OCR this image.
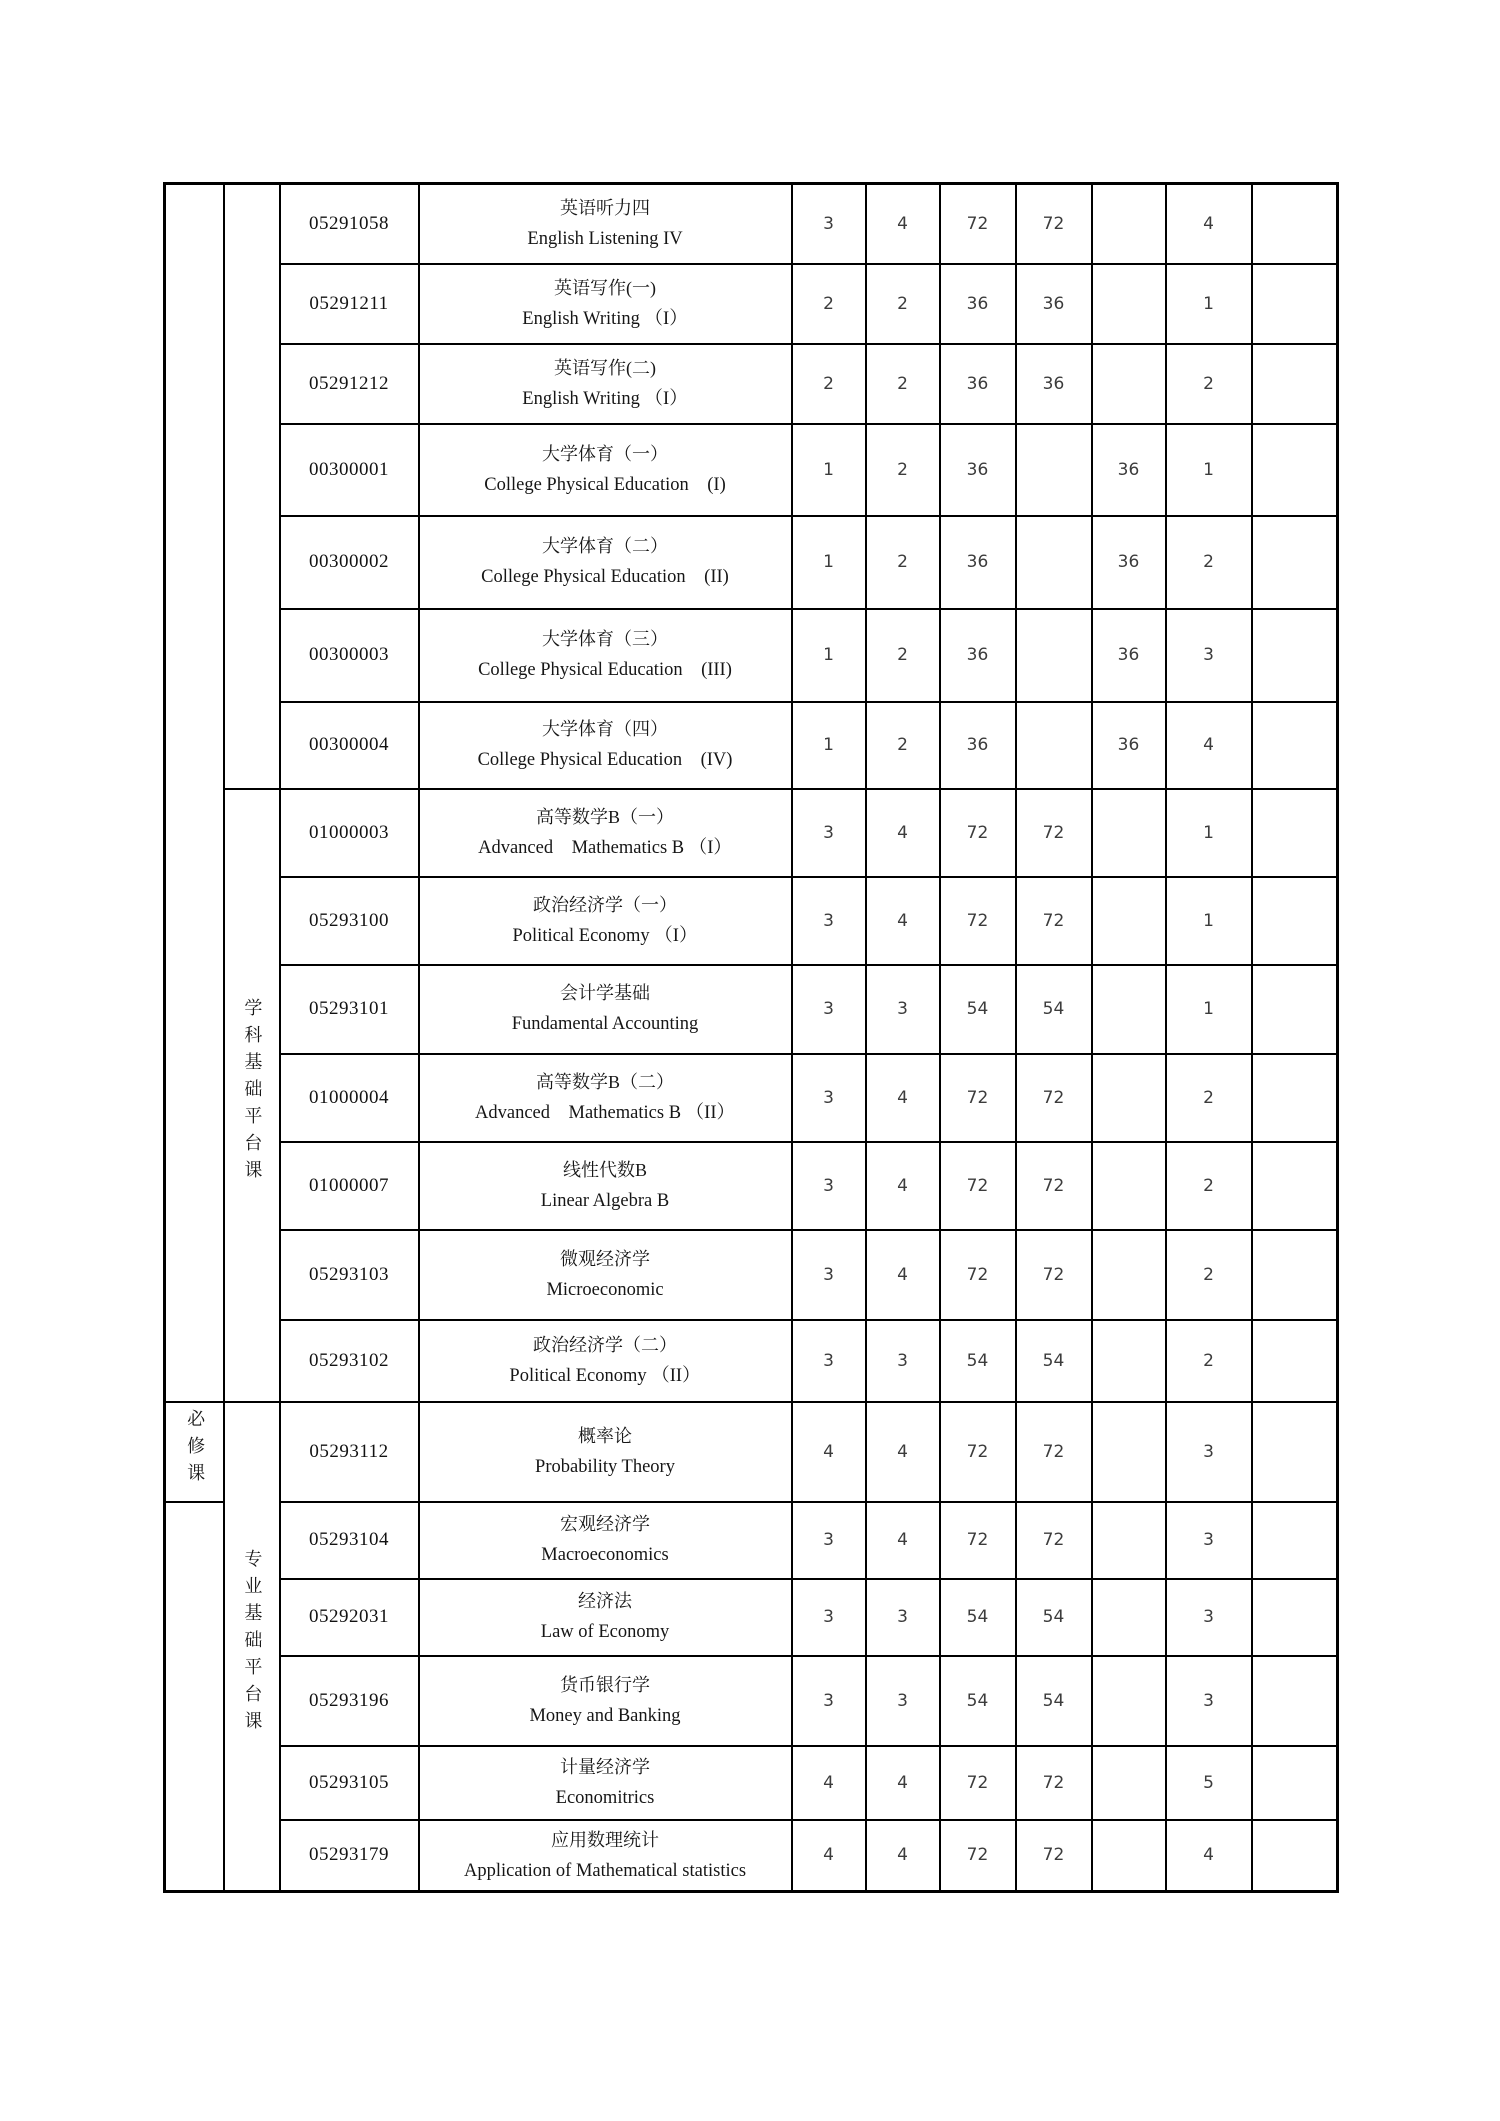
		05291058	英语听力四
English Listening IV	3	4	72	72		4	
		05291211	英语写作(一)
English Writing （I）	2	2	36	36		1	
		05291212	英语写作(二)
English Writing （I）	2	2	36	36		2	
		00300001	大学体育（一）
College Physical Education    (I)	1	2	36		36	1	
		00300002	大学体育（二）
College Physical Education    (II)	1	2	36		36	2	
		00300003	大学体育（三）
College Physical Education    (III)	1	2	36		36	3	
		00300004	大学体育（四）
College Physical Education    (IV)	1	2	36		36	4	
	学科基础平台课	01000003	高等数学B（一）
Advanced    Mathematics B （I）	3	4	72	72		1	
		05293100	政治经济学（一）
Political Economy （I）	3	4	72	72		1	
		05293101	会计学基础
Fundamental Accounting	3	3	54	54		1	
		01000004	高等数学B（二）
Advanced    Mathematics B （II）	3	4	72	72		2	
		01000007	线性代数B
Linear Algebra B	3	4	72	72		2	
		05293103	微观经济学
Microeconomic	3	4	72	72		2	
		05293102	政治经济学（二）
Political Economy （II）	3	3	54	54		2	
必修课	专业基础平台课	05293112	概率论
Probability Theory	4	4	72	72		3	
		05293104	宏观经济学
Macroeconomics	3	4	72	72		3	
		05292031	经济法
Law of Economy	3	3	54	54		3	
		05293196	货币银行学
Money and Banking	3	3	54	54		3	
		05293105	计量经济学
Economitrics	4	4	72	72		5	
		05293179	应用数理统计
Application of Mathematical statistics	4	4	72	72		4	
